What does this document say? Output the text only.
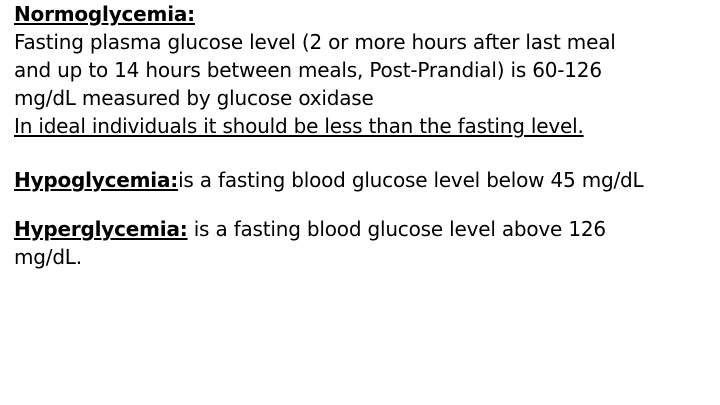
Normoglycemia:
Fasting plasma glucose level (2 or more hours after last meal
and up to 14 hours between meals, Post-Prandial) is 60-126
mg/dL measured by glucose oxidase
In ideal individuals it should be less than the fasting level.
Hypoglycemia:is a fasting blood glucose level below 45 mg/dL
Hyperglycemia: is a fasting blood glucose level above 126
mg/dL.
